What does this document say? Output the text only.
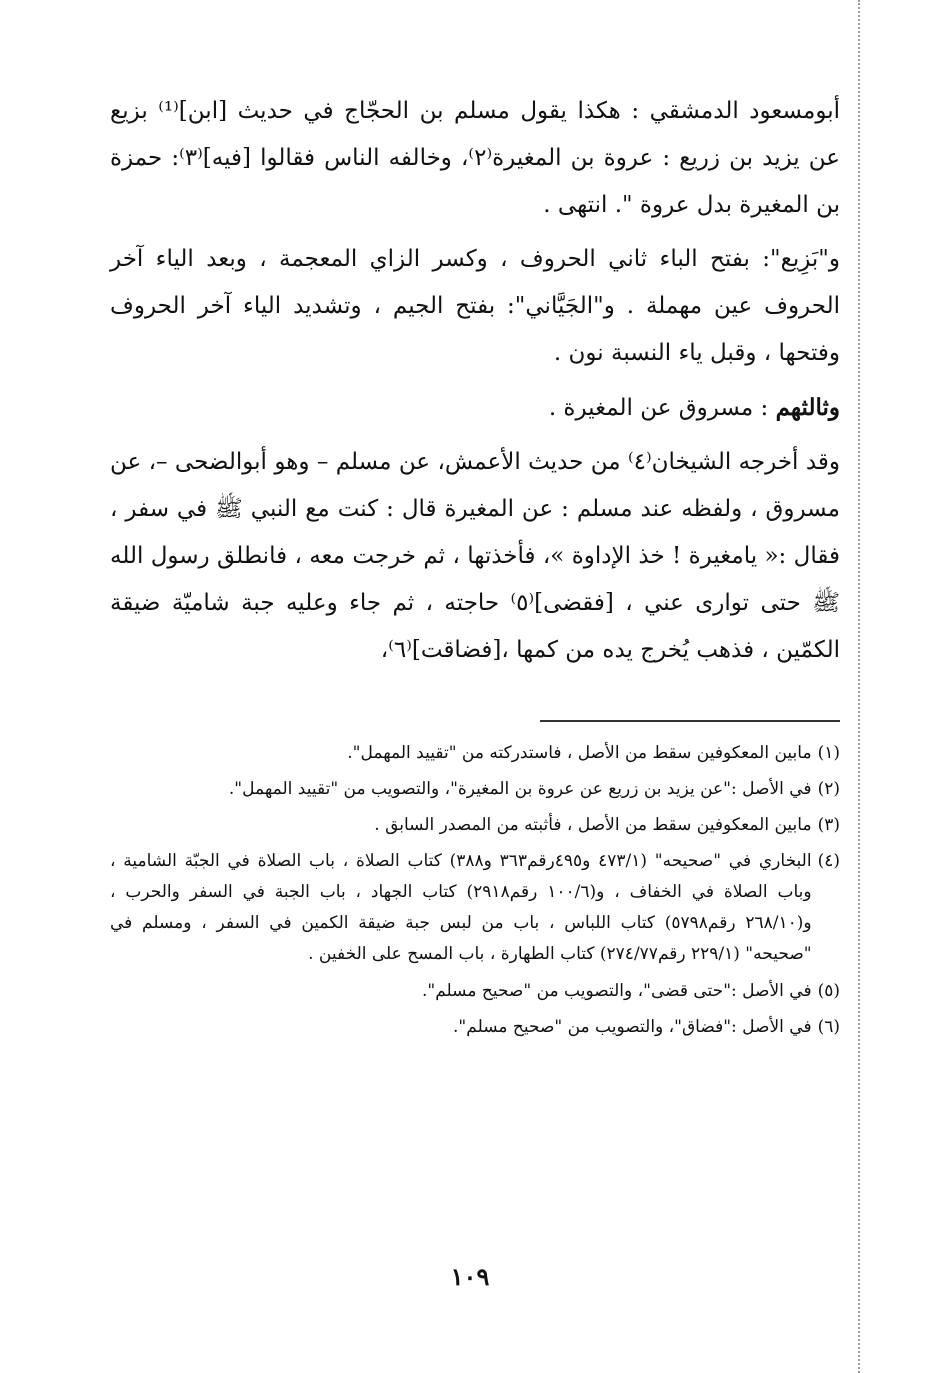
أبومسعود الدمشقي : هكذا يقول مسلم بن الحجّاج في حديث [ابن]⁽¹⁾ بزيع عن يزيد بن زريع : عروة بن المغيرة⁽٢⁾، وخالفه الناس فقالوا [فيه]⁽٣⁾: حمزة بن المغيرة بدل عروة ". انتهى .

و"بَزِيع": بفتح الباء ثاني الحروف ، وكسر الزاي المعجمة ، وبعد الياء آخر الحروف عين مهملة . و"الجَيَّاني": بفتح الجيم ، وتشديد الياء آخر الحروف وفتحها ، وقبل ياء النسبة نون .

وثالثهم : مسروق عن المغيرة .

وقد أخرجه الشيخان⁽٤⁾ من حديث الأعمش، عن مسلم – وهو أبوالضحى –، عن مسروق ، ولفظه عند مسلم : عن المغيرة قال : كنت مع النبي ﷺ في سفر ، فقال :« يامغيرة ! خذ الإداوة »، فأخذتها ، ثم خرجت معه ، فانطلق رسول الله ﷺ حتى توارى عني ، [فقضى]⁽٥⁾ حاجته ، ثم جاء وعليه جبة شاميّة ضيقة الكمّين ، فذهب يُخرج يده من كمها ،[فضاقت]⁽٦⁾،

(١)
مابين المعكوفين سقط من الأصل ، فاستدركته من "تقييد المهمل".
(٢)
في الأصل :"عن يزيد بن زريع عن عروة بن المغيرة"، والتصويب من "تقييد المهمل".
(٣)
مابين المعكوفين سقط من الأصل ، فأثبته من المصدر السابق .
(٤)
البخاري في "صحيحه" (٤٧٣/١ و٤٩٥رقم٣٦٣ و٣٨٨) كتاب الصلاة ، باب الصلاة في الجبّة الشامية ، وباب الصلاة في الخفاف ، و(١٠٠/٦ رقم٢٩١٨) كتاب الجهاد ، باب الجبة في السفر والحرب ، و(٢٦٨/١٠ رقم٥٧٩٨) كتاب اللباس ، باب من لبس جبة ضيقة الكمين في السفر ، ومسلم في "صحيحه" (٢٢٩/١ رقم٢٧٤/٧٧) كتاب الطهارة ، باب المسح على الخفين .
(٥)
في الأصل :"حتى قضى"، والتصويب من "صحيح مسلم".
(٦)
في الأصل :"فضاق"، والتصويب من "صحيح مسلم".
١٠٩
